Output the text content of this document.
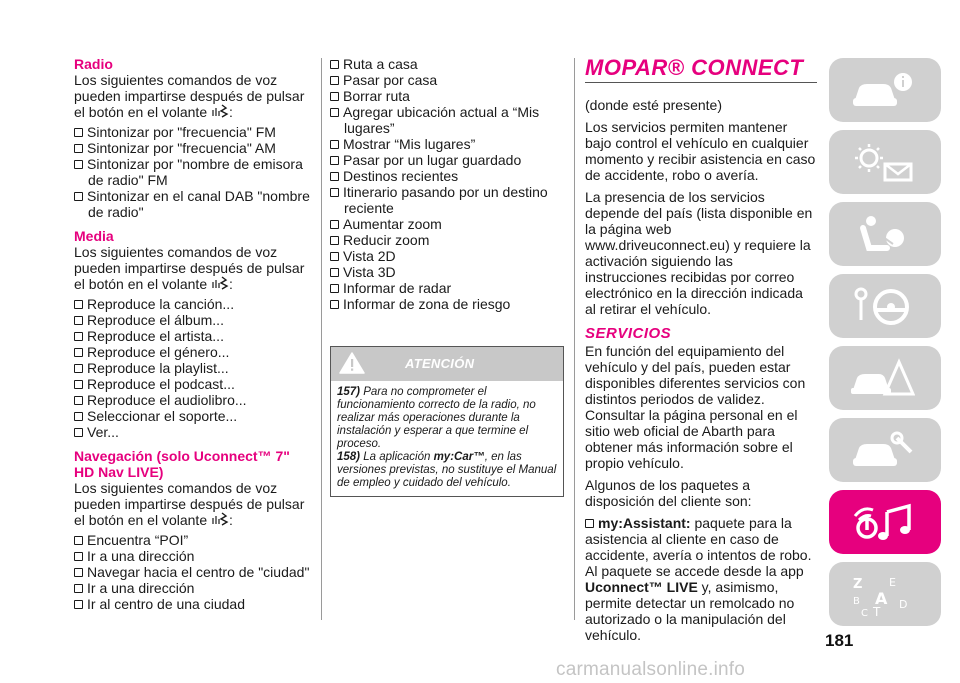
Radio

Los siguientes comandos de voz pueden impartirse después de pulsar el botón en el volante :

Sintonizar por "frecuencia" FM
Sintonizar por "frecuencia" AM
Sintonizar por "nombre de emisora de radio" FM
Sintonizar en el canal DAB "nombre de radio"
Media

Los siguientes comandos de voz pueden impartirse después de pulsar el botón en el volante :

Reproduce la canción...
Reproduce el álbum...
Reproduce el artista...
Reproduce el género...
Reproduce la playlist...
Reproduce el podcast...
Reproduce el audiolibro...
Seleccionar el soporte...
Ver...
Navegación (solo Uconnect™ 7" HD Nav LIVE)

Los siguientes comandos de voz pueden impartirse después de pulsar el botón en el volante :

Encuentra “POI”
Ir a una dirección
Navegar hacia el centro de "ciudad"
Ir a una dirección
Ir al centro de una ciudad
Ruta a casa
Pasar por casa
Borrar ruta
Agregar ubicación actual a “Mis lugares”
Mostrar “Mis lugares”
Pasar por un lugar guardado
Destinos recientes
Itinerario pasando por un destino reciente
Aumentar zoom
Reducir zoom
Vista 2D
Vista 3D
Informar de radar
Informar de zona de riesgo
ATENCIÓN
157) Para no comprometer el funcionamiento correcto de la radio, no realizar más operaciones durante la instalación y esperar a que termine el proceso.
158) La aplicación my:Car™, en las versiones previstas, no sustituye el Manual de empleo y cuidado del vehículo.
MOPAR® CONNECT

(donde esté presente)

Los servicios permiten mantener bajo control el vehículo en cualquier momento y recibir asistencia en caso de accidente, robo o avería.

La presencia de los servicios depende del país (lista disponible en la página web www.driveuconnect.eu) y requiere la activación siguiendo las instrucciones recibidas por correo electrónico en la dirección indicada al retirar el vehículo.

SERVICIOS

En función del equipamiento del vehículo y del país, pueden estar disponibles diferentes servicios con distintos periodos de validez. Consultar la página personal en el sitio web oficial de Abarth para obtener más información sobre el propio vehículo.

Algunos de los paquetes a disposición del cliente son:

my:Assistant: paquete para la asistencia al cliente en caso de accidente, avería o intentos de robo. Al paquete se accede desde la app Uconnect™ LIVE y, asimismo, permite detectar un remolcado no autorizado o la manipulación del vehículo.

Z E
B A
C T
D
181
carmanualsonline.info
